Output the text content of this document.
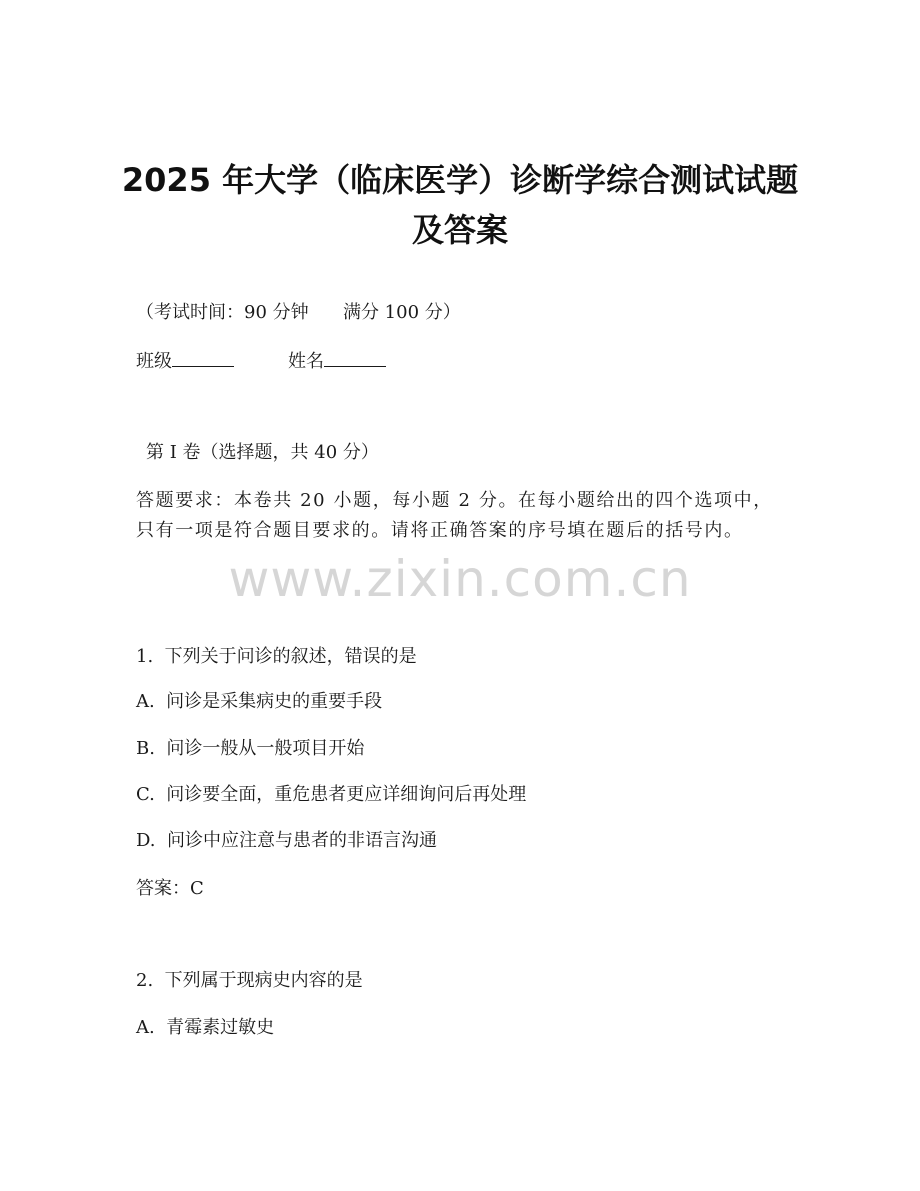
2025 年大学（临床医学）诊断学综合测试试题及答案

（考试时间：90 分钟      满分 100 分）

班级	姓名

第 I 卷（选择题，共 40 分）

答题要求：本卷共 20 小题，每小题 2 分。在每小题给出的四个选项中，只有一项是符合题目要求的。请将正确答案的序号填在题后的括号内。

www.zixin.com.cn

1.  下列关于问诊的叙述，错误的是

A.  问诊是采集病史的重要手段

B.  问诊一般从一般项目开始

C.  问诊要全面，重危患者更应详细询问后再处理

D.  问诊中应注意与患者的非语言沟通

答案：C

2.  下列属于现病史内容的是

A.  青霉素过敏史
